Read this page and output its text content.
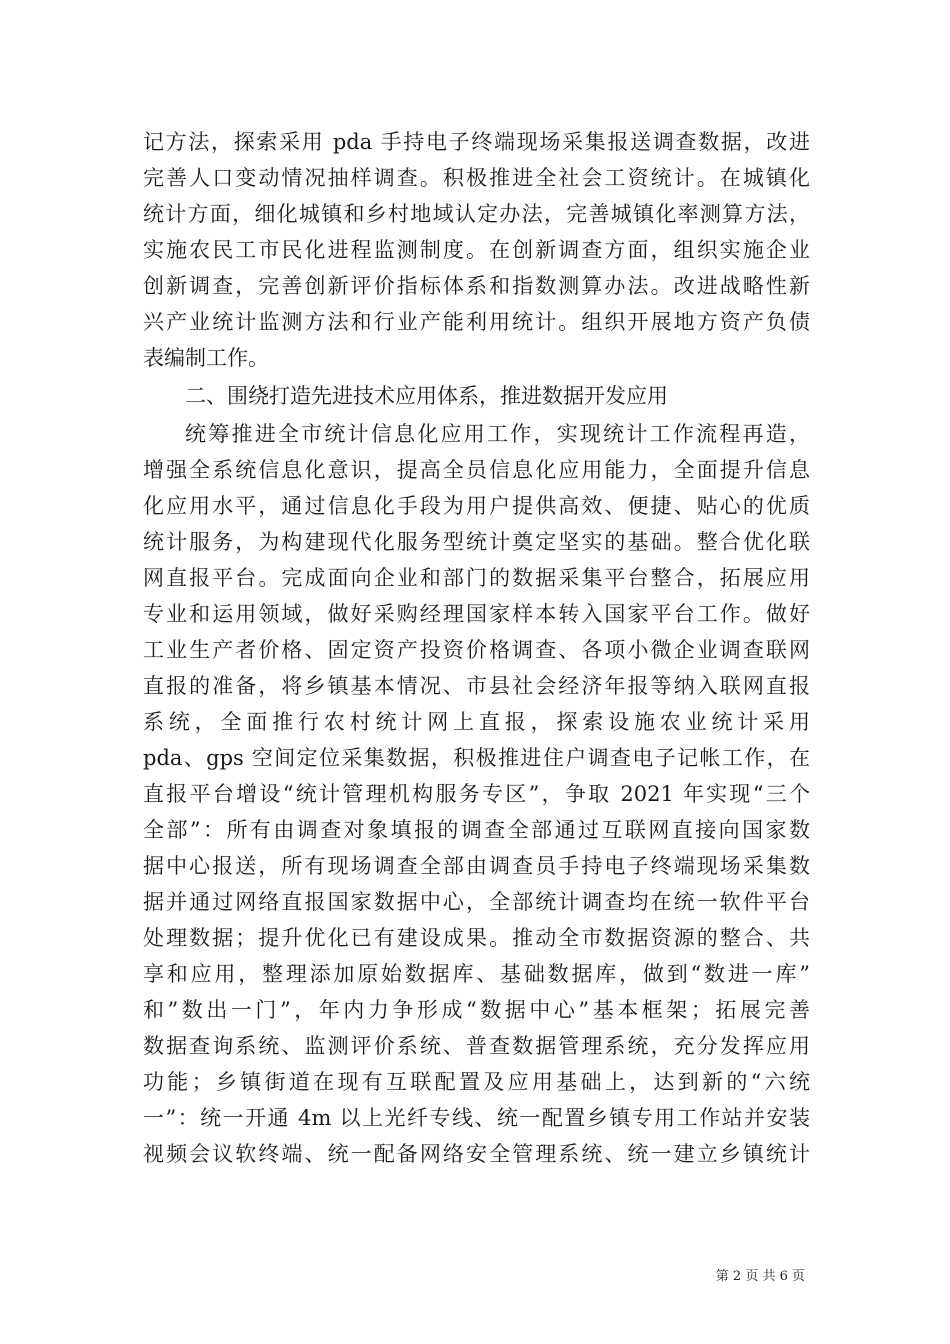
记方法，探索采用 pda 手持电子终端现场采集报送调查数据，改进
完善人口变动情况抽样调查。积极推进全社会工资统计。在城镇化
统计方面，细化城镇和乡村地域认定办法，完善城镇化率测算方法，
实施农民工市民化进程监测制度。在创新调查方面，组织实施企业
创新调查，完善创新评价指标体系和指数测算办法。改进战略性新
兴产业统计监测方法和行业产能利用统计。组织开展地方资产负债
表编制工作。
二、围绕打造先进技术应用体系，推进数据开发应用
统筹推进全市统计信息化应用工作，实现统计工作流程再造，
增强全系统信息化意识，提高全员信息化应用能力，全面提升信息
化应用水平，通过信息化手段为用户提供高效、便捷、贴心的优质
统计服务，为构建现代化服务型统计奠定坚实的基础。整合优化联
网直报平台。完成面向企业和部门的数据采集平台整合，拓展应用
专业和运用领域，做好采购经理国家样本转入国家平台工作。做好
工业生产者价格、固定资产投资价格调查、各项小微企业调查联网
直报的准备，将乡镇基本情况、市县社会经济年报等纳入联网直报
系统，全面推行农村统计网上直报，探索设施农业统计采用
pda、gps 空间定位采集数据，积极推进住户调查电子记帐工作，在
直报平台增设“统计管理机构服务专区”，争取 2021 年实现“三个
全部”：所有由调查对象填报的调查全部通过互联网直接向国家数
据中心报送，所有现场调查全部由调查员手持电子终端现场采集数
据并通过网络直报国家数据中心，全部统计调查均在统一软件平台
处理数据；提升优化已有建设成果。推动全市数据资源的整合、共
享和应用，整理添加原始数据库、基础数据库，做到“数进一库”
和”数出一门”，年内力争形成“数据中心”基本框架；拓展完善
数据查询系统、监测评价系统、普查数据管理系统，充分发挥应用
功能；乡镇街道在现有互联配置及应用基础上，达到新的“六统
一”：统一开通 4m 以上光纤专线、统一配置乡镇专用工作站并安装
视频会议软终端、统一配备网络安全管理系统、统一建立乡镇统计
第 2 页 共 6 页
